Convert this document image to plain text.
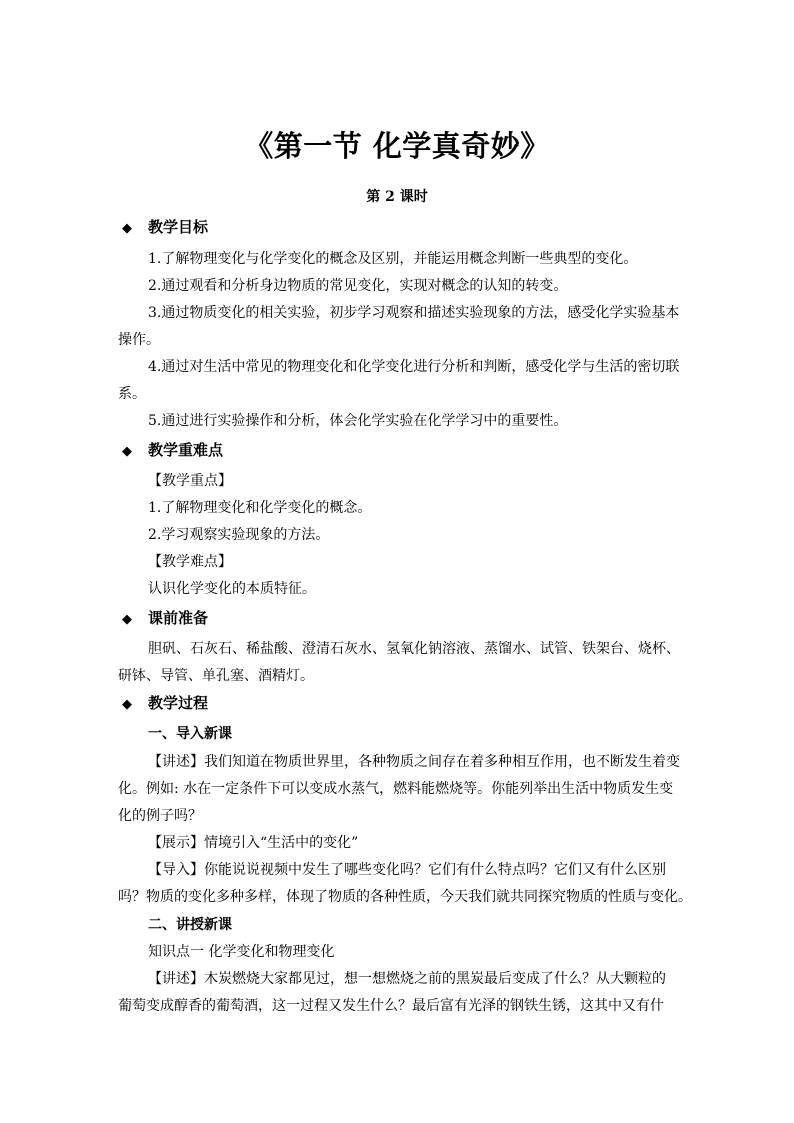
《第一节 化学真奇妙》
第 2 课时
◆ 教学目标
1.了解物理变化与化学变化的概念及区别，并能运用概念判断一些典型的变化。
2.通过观看和分析身边物质的常见变化，实现对概念的认知的转变。
3.通过物质变化的相关实验，初步学习观察和描述实验现象的方法，感受化学实验基本
操作。
4.通过对生活中常见的物理变化和化学变化进行分析和判断，感受化学与生活的密切联
系。
5.通过进行实验操作和分析，体会化学实验在化学学习中的重要性。
◆ 教学重难点
【教学重点】
1.了解物理变化和化学变化的概念。
2.学习观察实验现象的方法。
【教学难点】
认识化学变化的本质特征。
◆ 课前准备
胆矾、石灰石、稀盐酸、澄清石灰水、氢氧化钠溶液、蒸馏水、试管、铁架台、烧杯、
研钵、导管、单孔塞、酒精灯。
◆ 教学过程
一、导入新课
【讲述】我们知道在物质世界里，各种物质之间存在着多种相互作用，也不断发生着变
化。例如: 水在一定条件下可以变成水蒸气，燃料能燃烧等。你能列举出生活中物质发生变
化的例子吗？
【展示】情境引入“生活中的变化”
【导入】你能说说视频中发生了哪些变化吗？它们有什么特点吗？它们又有什么区别
吗？物质的变化多种多样，体现了物质的各种性质，今天我们就共同探究物质的性质与变化。
二、讲授新课
知识点一 化学变化和物理变化
【讲述】木炭燃烧大家都见过，想一想燃烧之前的黑炭最后变成了什么？从大颗粒的
葡萄变成醇香的葡萄酒，这一过程又发生什么？最后富有光泽的钢铁生锈，这其中又有什
